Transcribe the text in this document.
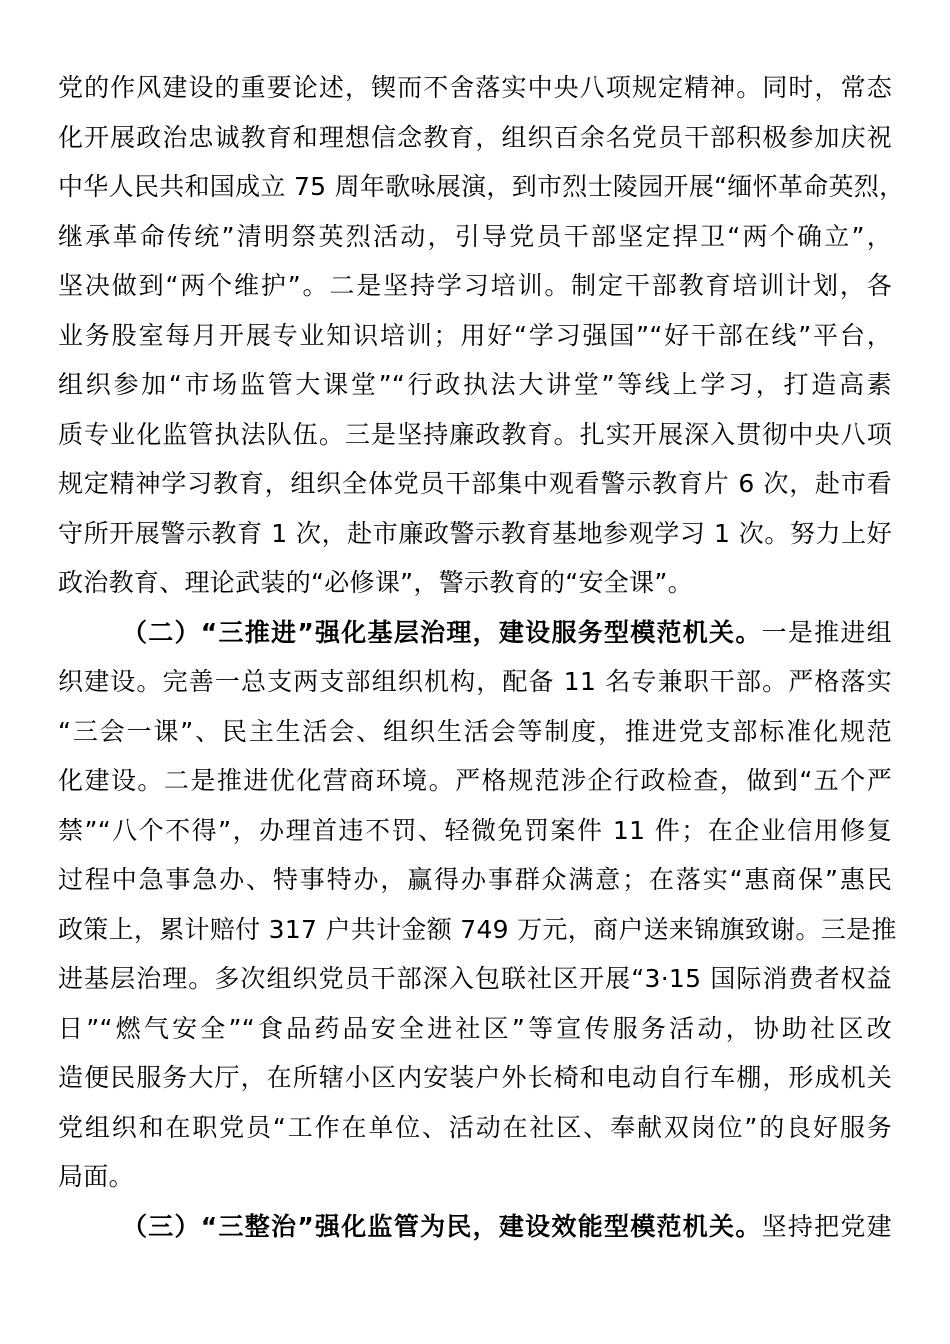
党的作风建设的重要论述，锲而不舍落实中央八项规定精神。同时，常态
化开展政治忠诚教育和理想信念教育，组织百余名党员干部积极参加庆祝
中华人民共和国成立 75 周年歌咏展演，到市烈士陵园开展“缅怀革命英烈，
继承革命传统”清明祭英烈活动，引导党员干部坚定捍卫“两个确立”，
坚决做到“两个维护”。二是坚持学习培训。制定干部教育培训计划，各
业务股室每月开展专业知识培训；用好“学习强国”“好干部在线”平台，
组织参加“市场监管大课堂”“行政执法大讲堂”等线上学习，打造高素
质专业化监管执法队伍。三是坚持廉政教育。扎实开展深入贯彻中央八项
规定精神学习教育，组织全体党员干部集中观看警示教育片 6 次，赴市看
守所开展警示教育 1 次，赴市廉政警示教育基地参观学习 1 次。努力上好
政治教育、理论武装的“必修课”，警示教育的“安全课”。
（二）“三推进”强化基层治理，建设服务型模范机关。一是推进组
织建设。完善一总支两支部组织机构，配备 11 名专兼职干部。严格落实
“三会一课”、民主生活会、组织生活会等制度，推进党支部标准化规范
化建设。二是推进优化营商环境。严格规范涉企行政检查，做到“五个严
禁”“八个不得”，办理首违不罚、轻微免罚案件 11 件；在企业信用修复
过程中急事急办、特事特办，赢得办事群众满意；在落实“惠商保”惠民
政策上，累计赔付 317 户共计金额 749 万元，商户送来锦旗致谢。三是推
进基层治理。多次组织党员干部深入包联社区开展“3·15 国际消费者权益
日”“燃气安全”“食品药品安全进社区”等宣传服务活动，协助社区改
造便民服务大厅，在所辖小区内安装户外长椅和电动自行车棚，形成机关
党组织和在职党员“工作在单位、活动在社区、奉献双岗位”的良好服务
局面。
（三）“三整治”强化监管为民，建设效能型模范机关。坚持把党建
